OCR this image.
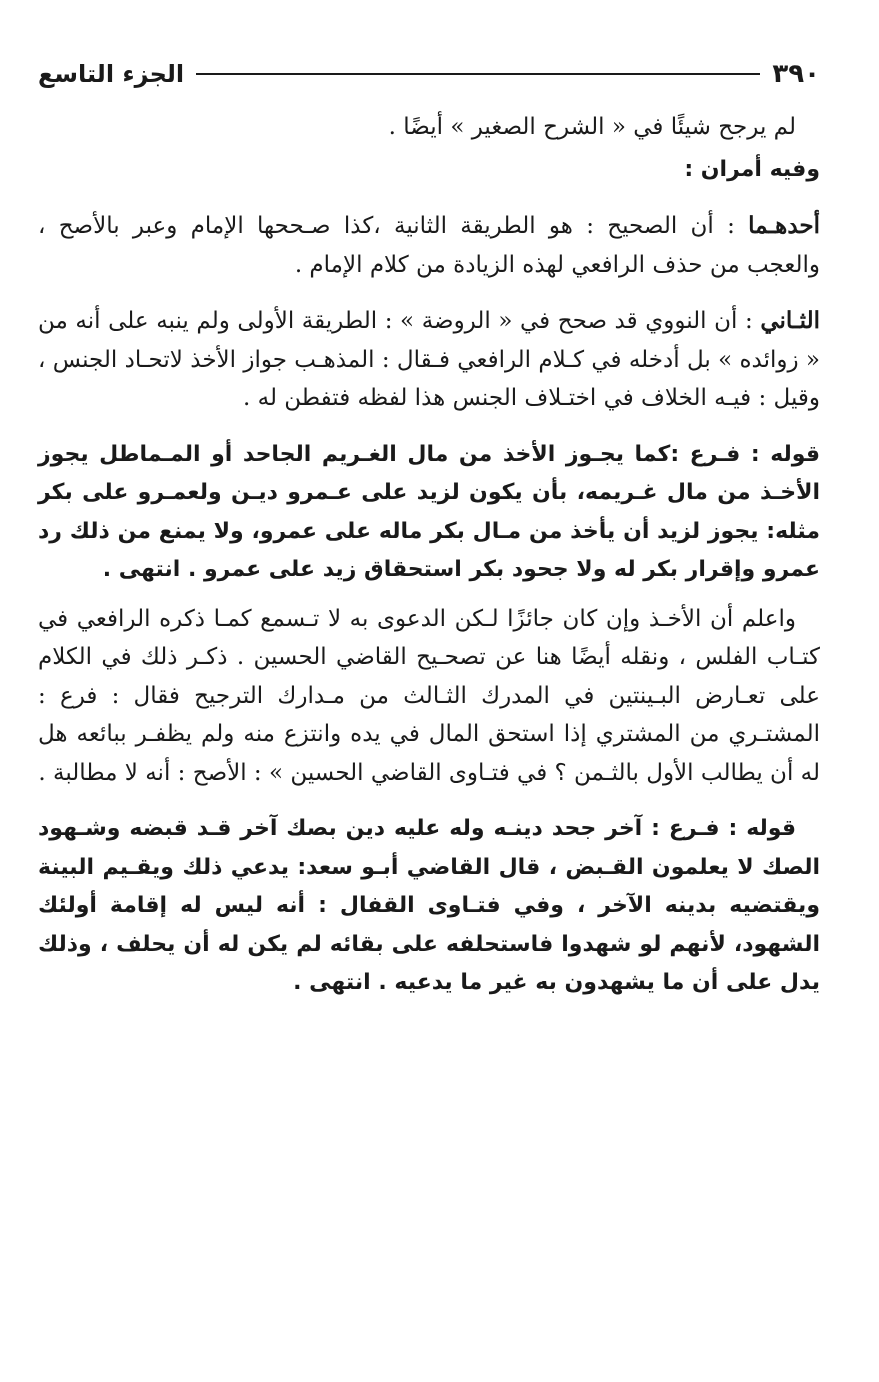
٣٩٠
الجزء التاسع

لم يرجح شيئًا في « الشرح الصغير » أيضًا .

وفيه أمران :

أحدهـما : أن الصحيح : هو الطريقة الثانية ،كذا صـححها الإمام وعبر بالأصح ، والعجب من حذف الرافعي لهذه الزيادة من كلام الإمام .

الثـاني : أن النووي قد صحح في « الروضة » : الطريقة الأولى ولم ينبه على أنه من « زوائده » بل أدخله في كـلام الرافعي فـقال : المذهـب جواز الأخذ لاتحـاد الجنس ، وقيل : فيـه الخلاف في اختـلاف الجنس هذا لفظه فتفطن له .

قوله : فـرع :كما يجـوز الأخذ من مال الغـريم الجاحد أو المـماطل يجوز الأخـذ من مال غـريمه، بأن يكون لزيد على عـمرو ديـن ولعمـرو على بكر مثله: يجوز لزيد أن يأخذ من مـال بكر ماله على عمرو، ولا يمنع من ذلك رد عمرو وإقرار بكر له ولا جحود بكر استحقاق زيد على عمرو . انتهى .

واعلم أن الأخـذ وإن كان جائزًا لـكن الدعوى به لا تـسمع كمـا ذكره الرافعي في كتـاب الفلس ، ونقله أيضًا هنا عن تصحـيح القاضي الحسين . ذكـر ذلك في الكلام على تعـارض البـينتين في المدرك الثـالث من مـدارك الترجيح فقال : فرع : المشتـري من المشتري إذا استحق المال في يده وانتزع منه ولم يظفـر ببائعه هل له أن يطالب الأول بالثـمن ؟ في فتـاوى القاضي الحسين » : الأصح : أنه لا مطالبة .

قوله : فـرع : آخر جحد دينـه وله عليه دين بصك آخر قـد قبضه وشـهود الصك لا يعلمون القـبض ، قال القاضي أبـو سعد: يدعي ذلك ويقـيم البينة ويقتضيه بدينه الآخر ، وفي فتـاوى القفال : أنه ليس له إقامة أولئك الشهود، لأنهم لو شهدوا فاستحلفه على بقائه لم يكن له أن يحلف ، وذلك يدل على أن ما يشهدون به غير ما يدعيه . انتهى .
